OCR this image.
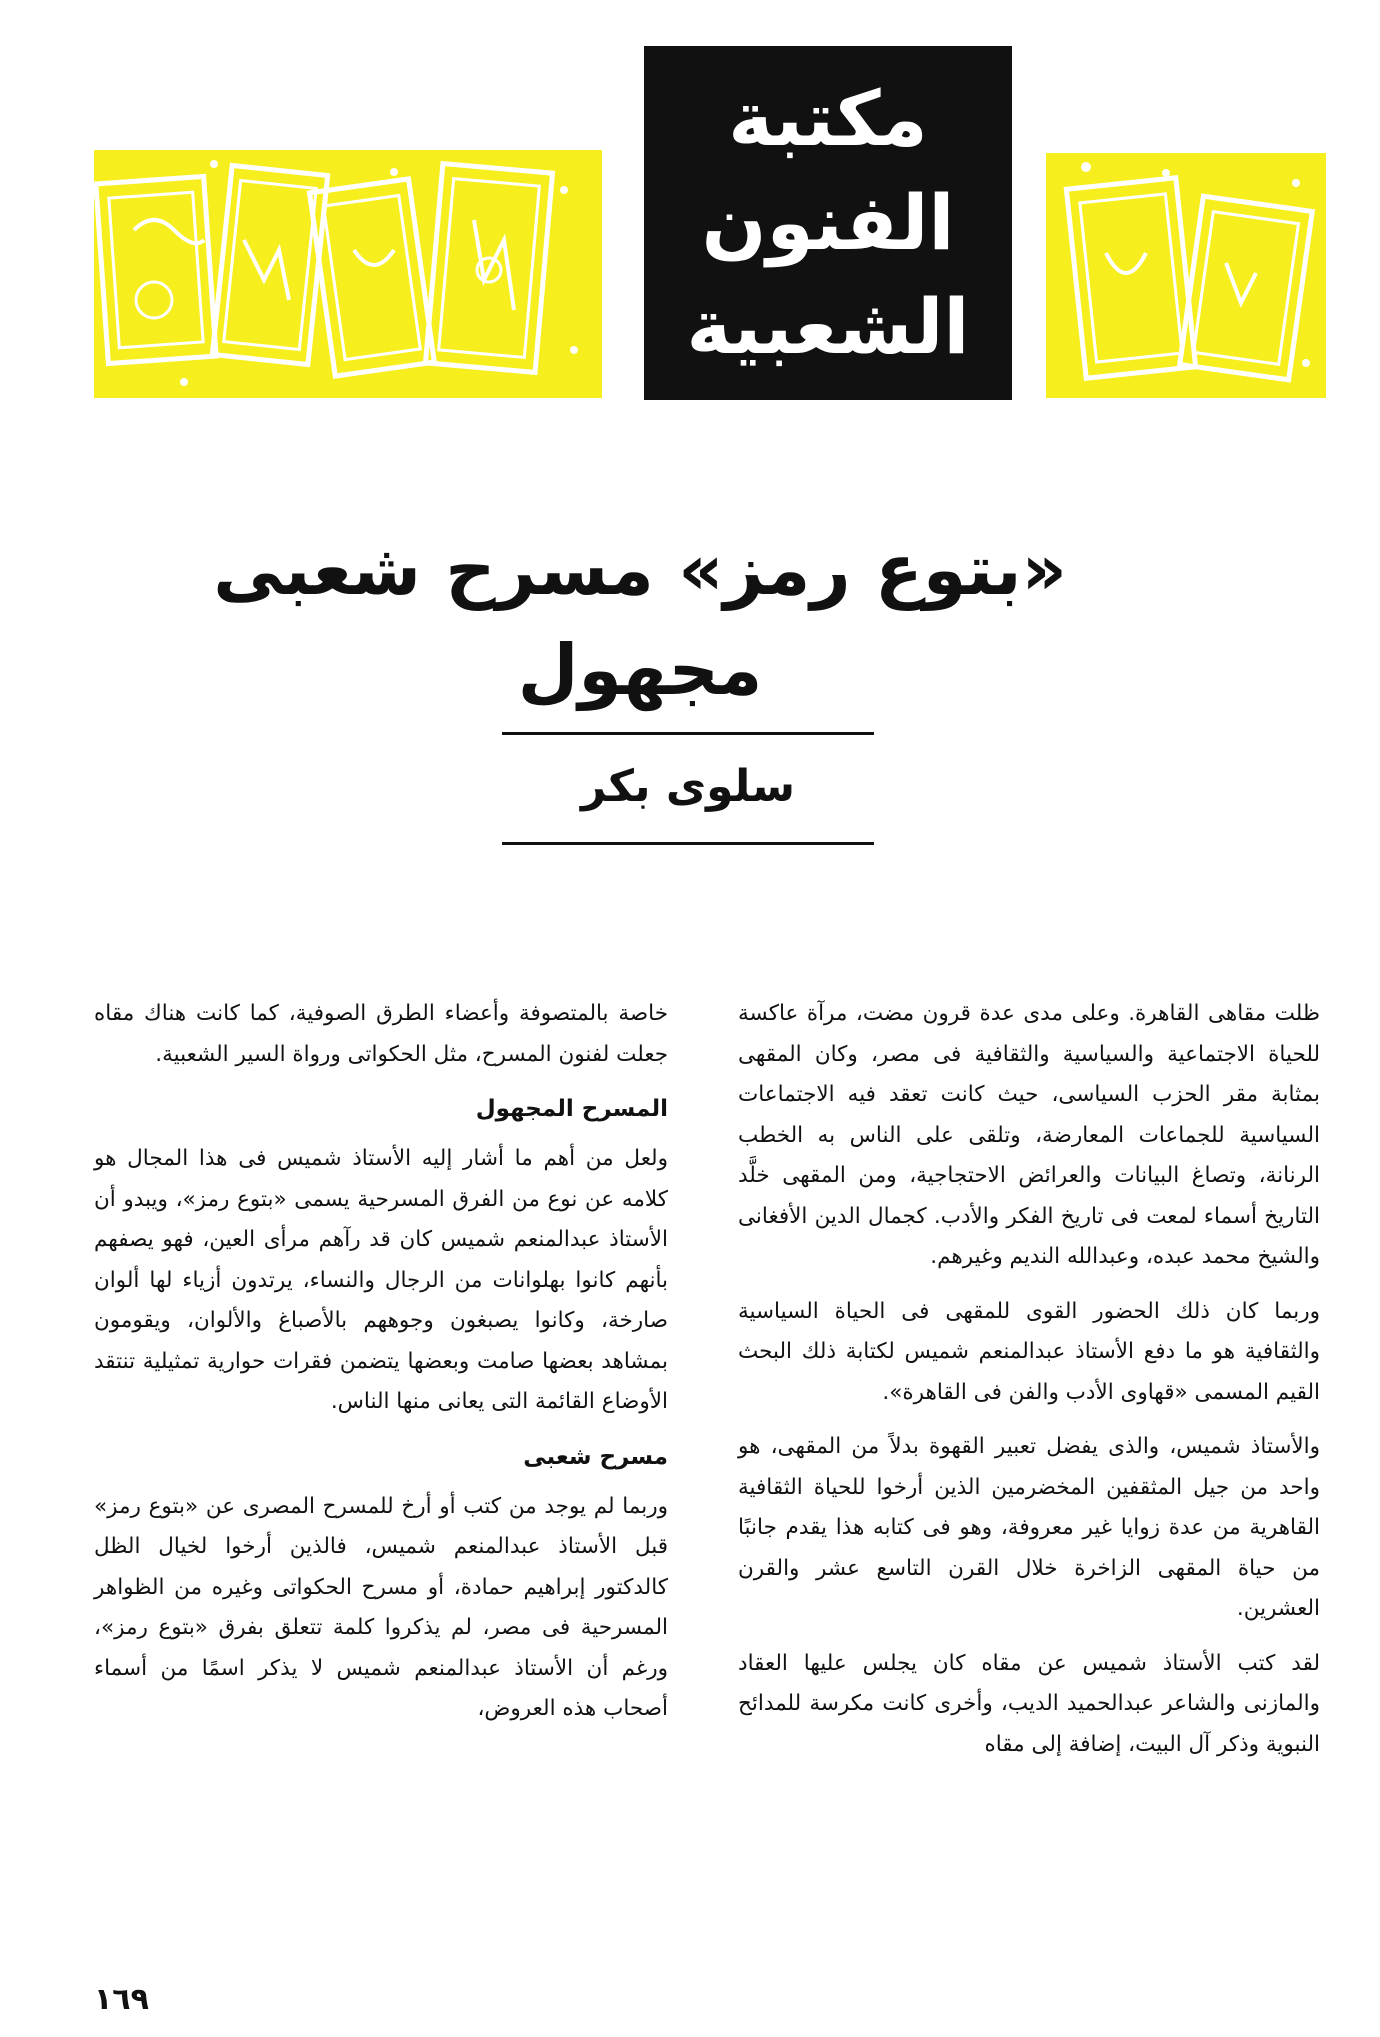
مكتبة
الفنون
الشعبية
«بتوع رمز» مسرح شعبى مجهول
سلوى بكر

ظلت مقاهى القاهرة. وعلى مدى عدة قرون مضت، مرآة عاكسة للحياة الاجتماعية والسياسية والثقافية فى مصر، وكان المقهى بمثابة مقر الحزب السياسى، حيث كانت تعقد فيه الاجتماعات السياسية للجماعات المعارضة، وتلقى على الناس به الخطب الرنانة، وتصاغ البيانات والعرائض الاحتجاجية، ومن المقهى خلَّد التاريخ أسماء لمعت فى تاريخ الفكر والأدب. كجمال الدين الأفغانى والشيخ محمد عبده، وعبدالله النديم وغيرهم.

وربما كان ذلك الحضور القوى للمقهى فى الحياة السياسية والثقافية هو ما دفع الأستاذ عبدالمنعم شميس لكتابة ذلك البحث القيم المسمى «قهاوى الأدب والفن فى القاهرة».

والأستاذ شميس، والذى يفضل تعبير القهوة بدلاً من المقهى، هو واحد من جيل المثقفين المخضرمين الذين أرخوا للحياة الثقافية القاهرية من عدة زوايا غير معروفة، وهو فى كتابه هذا يقدم جانبًا من حياة المقهى الزاخرة خلال القرن التاسع عشر والقرن العشرين.

لقد كتب الأستاذ شميس عن مقاه كان يجلس عليها العقاد والمازنى والشاعر عبدالحميد الديب، وأخرى كانت مكرسة للمدائح النبوية وذكر آل البيت، إضافة إلى مقاه

خاصة بالمتصوفة وأعضاء الطرق الصوفية، كما كانت هناك مقاه جعلت لفنون المسرح، مثل الحكواتى ورواة السير الشعبية.

المسرح المجهول

ولعل من أهم ما أشار إليه الأستاذ شميس فى هذا المجال هو كلامه عن نوع من الفرق المسرحية يسمى «بتوع رمز»، ويبدو أن الأستاذ عبدالمنعم شميس كان قد رآهم مرأى العين، فهو يصفهم بأنهم كانوا بهلوانات من الرجال والنساء، يرتدون أزياء لها ألوان صارخة، وكانوا يصبغون وجوههم بالأصباغ والألوان، ويقومون بمشاهد بعضها صامت وبعضها يتضمن فقرات حوارية تمثيلية تنتقد الأوضاع القائمة التى يعانى منها الناس.

مسرح شعبى

وربما لم يوجد من كتب أو أرخ للمسرح المصرى عن «بتوع رمز» قبل الأستاذ عبدالمنعم شميس، فالذين أرخوا لخيال الظل كالدكتور إبراهيم حمادة، أو مسرح الحكواتى وغيره من الظواهر المسرحية فى مصر، لم يذكروا كلمة تتعلق بفرق «بتوع رمز»، ورغم أن الأستاذ عبدالمنعم شميس لا يذكر اسمًا من أسماء أصحاب هذه العروض،

١٦٩
